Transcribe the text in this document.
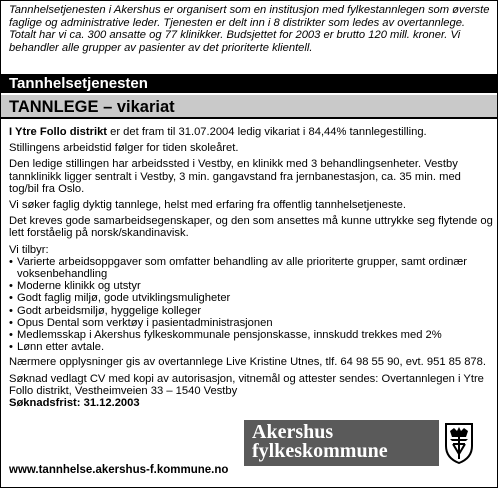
Tannhelsetjenesten i Akershus er organisert som en institusjon med fylkestannlegen som øverste faglige og administrative leder. Tjenesten er delt inn i 8 distrikter som ledes av overtannlege. Totalt har vi ca. 300 ansatte og 77 klinikker. Budsjettet for 2003 er brutto 120 mill. kroner. Vi behandler alle grupper av pasienter av det prioriterte klientell.

Tannhelsetjenesten
TANNLEGE – vikariat

I Ytre Follo distrikt er det fram til 31.07.2004 ledig vikariat i 84,44% tannlegestilling.

Stillingens arbeidstid følger for tiden skoleåret.

Den ledige stillingen har arbeidssted i Vestby, en klinikk med 3 behandlingsenheter. Vestby tannklinikk ligger sentralt i Vestby, 3 min. gangavstand fra jernbanestasjon, ca. 35 min. med tog/bil fra Oslo.

Vi søker faglig dyktig tannlege, helst med erfaring fra offentlig tannhelsetjeneste.

Det kreves gode samarbeidsegenskaper, og den som ansettes må kunne uttrykke seg flytende og lett forståelig på norsk/skandinavisk.

Vi tilbyr:
• Varierte arbeidsoppgaver som omfatter behandling av alle prioriterte grupper, samt ordinær voksenbehandling
• Moderne klinikk og utstyr
• Godt faglig miljø, gode utviklingsmuligheter
• Godt arbeidsmiljø, hyggelige kolleger
• Opus Dental som verktøy i pasientadministrasjonen
• Medlemsskap i Akershus fylkeskommunale pensjonskasse, innskudd trekkes med 2%
• Lønn etter avtale.

Nærmere opplysninger gis av overtannlege Live Kristine Utnes, tlf. 64 98 55 90, evt. 951 85 878.

Søknad vedlagt CV med kopi av autorisasjon, vitnemål og attester sendes: Overtannlegen i Ytre Follo distrikt, Vestheimveien 33 – 1540 Vestby

Søknadsfrist: 31.12.2003
Akershus
fylkeskommune
www.tannhelse.akershus-f.kommune.no
